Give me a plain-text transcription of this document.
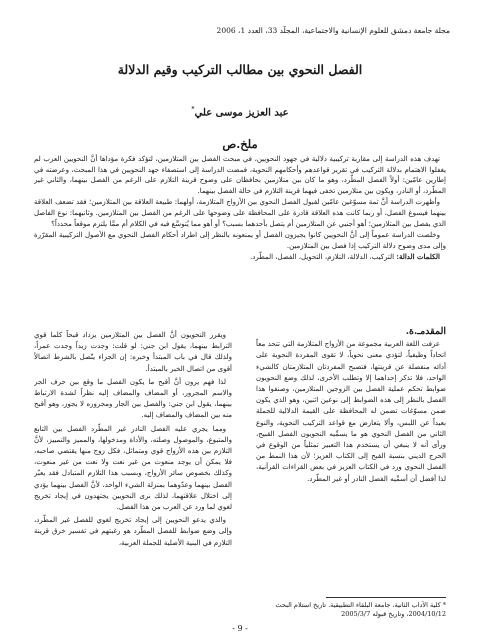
مجلة جامعة دمشق للعلوم الإنسانية والاجتماعية، المجلّد 33، العدد 1، 2006
الفصل النحوي بين مطالب التركيب وقيم الدلالة
عبد العزيز موسى علي*
ملخ.ص

تهدف هذه الدراسة إلى مقاربة تركيبية دلالية في جهود النحويين، في مبحث الفصل بين المتلازمين، لتؤكد فكرة مؤداها أنَّ النحويين العرب لم يغفلوا الاهتمام بدلالة التركيب في تقرير قواعدهم وأحكامهم النحوية، فمضت الدراسة إلى استصفاء جهد النحويين في هذا المبحث، وعرضته في إطارين عامّين: أولاً الفصل المطّرد، وهو ما كان بين متلازمين بحافظان على وضوح قرينة التلازم على الرغم من الفصل بينهما، والثاني غير المطّرد، أو النادر، ويكون بين متلازمين تخفى فيهما قرينة التلازم في حالة الفصل بينهما.

وأظهرت الدراسة أنَّ ثمة مسوّغين عامّين لقبول الفصل النحوي بين الأزواج المتلازمة، أولهما: طبيعة العلاقة بين المتلازمين؛ فقد تضعف العلاقة بينهما فيسوغ الفصل، أو ربما كانت هذه العلاقة قادرة على المحافظة على وضوحها على الرغم من الفصل بين المتلازمين. وثانيهما: نوع الفاصل الذي يفصل بين المتلازمين؛ أهو أجنبي عن المتلازمين أم يتصل بأحدهما بسبب؟ أو أهو مما يُتوسَّع فيه في الكلام أم ممَّا يلتزم موقعاً محدداً؟

وخلصت الدراسة عموماً إلى أنَّ النحويين كانوا يجيزون الفصل أو يمنعونه بالنظر إلى اطراد أحكام الفصل النحوي مع الأصول التركيبية المقرّرة وإلى مدى وضوح دلالة التركيب إذا فصل بين المتلازمين.

الكلمات الدالة: التركيب، الدلالة، التلازم، التحويل، الفصل، المطّرد.

المقدمـ.ة.

عرفت اللغة العربية مجموعة من الأزواج المتلازمة التي تتحد معاً اتحاداً وظيفياً، لتؤدي معنى نحوياً، لا تقوى المفردة النحوية على أدائه منفصلة عن قرينتها، فتصبح المفردتان المتلازمتان كالشيء الواحد، فلا تذكر إحداهما إلا وتطلب الأخرى، لذلك وضع النحويون ضوابط تحكم عملية الفصل بين الزوجين المتلازمين، وصنفوا هذا الفصل بالنظر إلى هذه الضوابط إلى نوعين اثنين، وهو الذي يكون ضمن مسوّغات تضمن له المحافظة على القيمة الدلالية للجملة بعيداً عن اللبس، وألا يتعارض مع قواعد التركيب النحوية، والنوع الثاني من الفصل النحوي هو ما يسمِّيه النحويون الفصل القبيح، ورأى أنه لا ينبغي أن يستخدم هذا التعبير تمثلياً من الوقوع في الحرج الديني بنسبة القبح إلى الكتاب العزيز؛ لأن هذا النمط من الفصل النحوي ورد في الكتاب العزيز في بعض القراءات القرآنية، لذا أفضل أن أسمِّيه الفصل النادر أو غير المطّرد.

ويقرر النحويون أنَّ الفصل بين المتلازمين يزداد قبحاً كلما قوي الترابط بينهما، يقول ابن جني: لو قلت: وجدت زيداً وجدت عمراً، ولذلك قال في باب المبتدأ وخبره: إن الجزاء يتّصل بالشرط اتصالاً أقوى من اتصال الخبر بالمبتدأ.

لذا فهم يرون أنَّ أقبح ما يكون الفصل ما وقع بين حرف الجر والاسم المجرور، أو المضاف والمضاف إليه نظراً لشدة الارتباط بينهما، يقول ابن جني: والفصل بين الجار ومجروره لا يجوز، وهو أقبح منه بين المضاف والمضاف إليه.

ومما يجري عليه الفصل النادر غير المطّرد الفصل بين التابع والمتبوع، والموصول وصلته، والأداة ومدخولها، والمميز والتمييز، لأنَّ التلازم بين هذه الأزواج قوي ومتماثل، فكل زوج منها يقتضي صاحبه، فلا يمكن أن يوجد منعوت من غير نعت ولا نعت من غير منعوت، وكذلك بخصوص سائر الأزواج، وبسبب هذا التلازم المتبادل فقد يعبّر الفصل بينهما وعدّوهما بمنزلة الشيء الواحد، لأنَّ الفصل بينهما يؤدي إلى اختلال علاقتهما، لذلك نرى النحويين يجتهدون في إيجاد تخريج لغوي لما ورد عن العرب من هذا الفصل.

والذي يدعو النحويين إلى إيجاد تخريج لغوي للفصل غير المطّرد، وإلى وضع ضوابط للفصل المطّرد هو رغبتهم في تفسير خرق قرينة التلازم في البنية الأصلية للجملة العربية،

* كلية الآداب الثانية، جامعة البلقاء التطبيقية. تاريخ استلام البحث 2004/10/12، وتاريخ قبوله 2005/3/7
- 9 -
